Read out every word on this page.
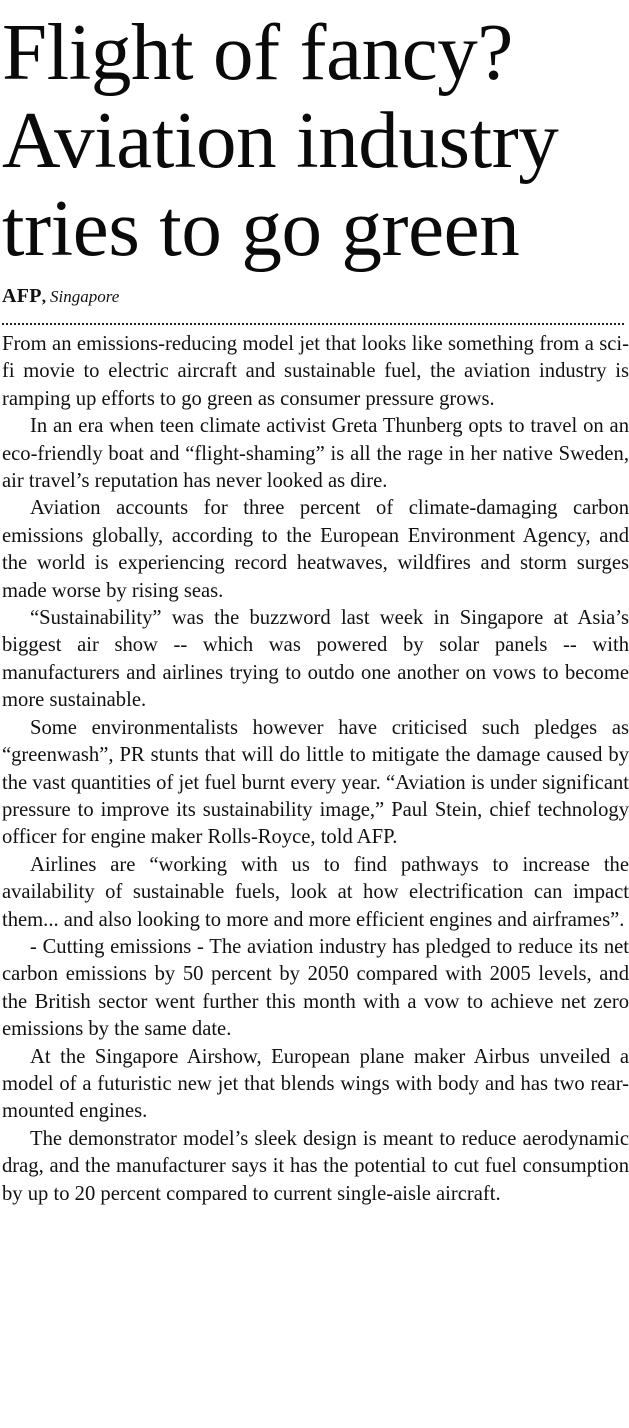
Flight of fancy?
Aviation industry
tries to go green
AFP, Singapore

From an emissions-reducing model jet that looks like something from a sci-fi movie to electric aircraft and sustainable fuel, the aviation industry is ramping up efforts to go green as consumer pressure grows.

In an era when teen climate activist Greta Thunberg opts to travel on an eco-friendly boat and “flight-shaming” is all the rage in her native Sweden, air travel’s reputation has never looked as dire.

Aviation accounts for three percent of climate-damaging carbon emissions globally, according to the European Environment Agency, and the world is experiencing record heatwaves, wildfires and storm surges made worse by rising seas.

“Sustainability” was the buzzword last week in Singapore at Asia’s biggest air show -- which was powered by solar panels -- with manufacturers and airlines trying to outdo one another on vows to become more sustainable.

Some environmentalists however have criticised such pledges as “greenwash”, PR stunts that will do little to mitigate the damage caused by the vast quantities of jet fuel burnt every year. “Aviation is under significant pressure to improve its sustainability image,” Paul Stein, chief technology officer for engine maker Rolls-Royce, told AFP.

Airlines are “working with us to find pathways to increase the availability of sustainable fuels, look at how electrification can impact them... and also looking to more and more efficient engines and airframes”.

- Cutting emissions - The aviation industry has pledged to reduce its net carbon emissions by 50 percent by 2050 compared with 2005 levels, and the British sector went further this month with a vow to achieve net zero emissions by the same date.

At the Singapore Airshow, European plane maker Airbus unveiled a model of a futuristic new jet that blends wings with body and has two rear-mounted engines.

The demonstrator model’s sleek design is meant to reduce aerodynamic drag, and the manufacturer says it has the potential to cut fuel consumption by up to 20 percent compared to current single-aisle aircraft.
